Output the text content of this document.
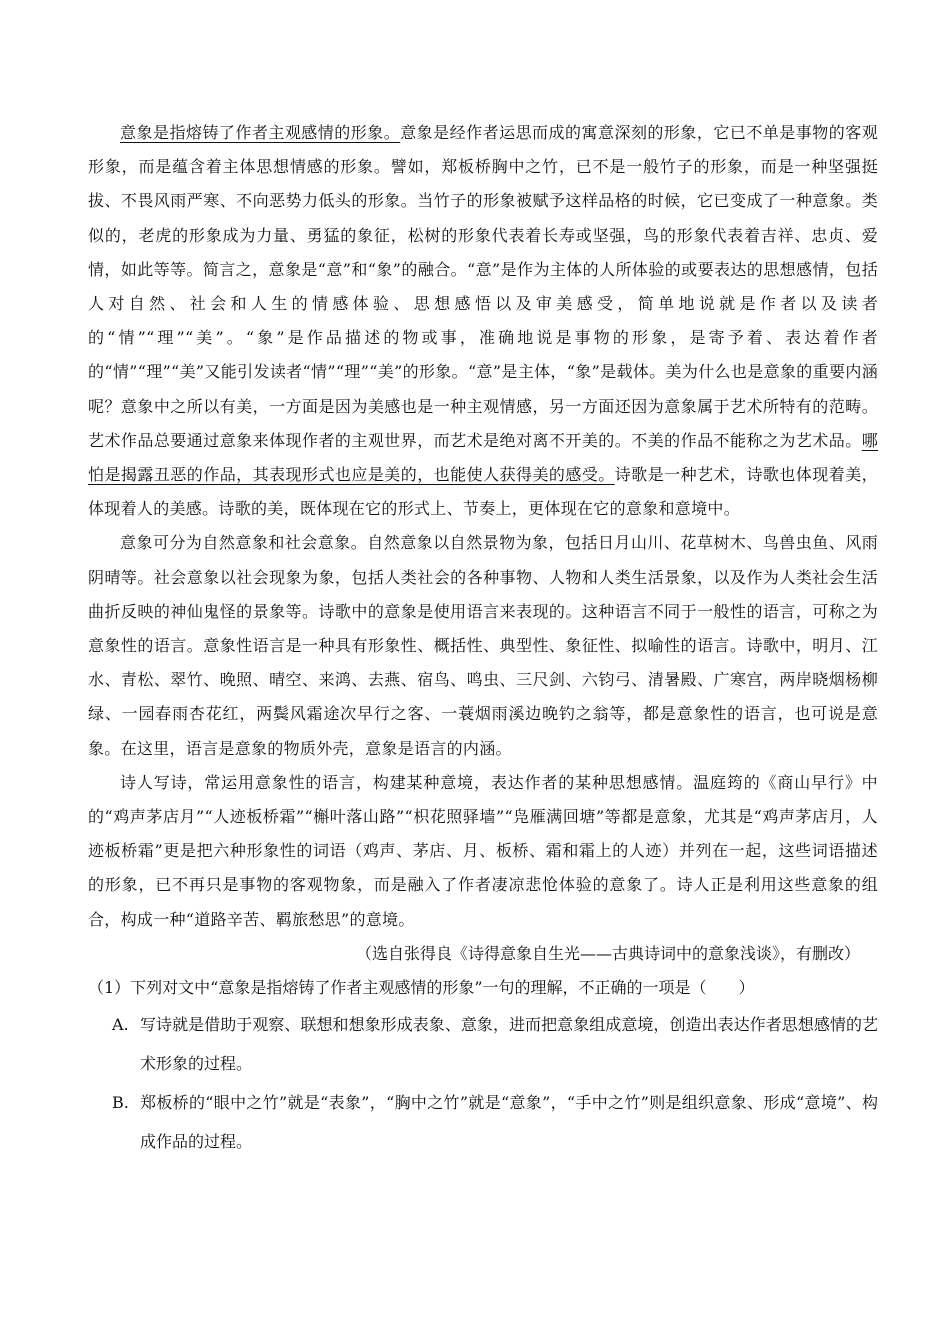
意象是指熔铸了作者主观感情的形象。意象是经作者运思而成的寓意深刻的形象，它已不单是事物的客观形象，而是蕴含着主体思想情感的形象。譬如，郑板桥胸中之竹，已不是一般竹子的形象，而是一种坚强挺拔、不畏风雨严寒、不向恶势力低头的形象。当竹子的形象被赋予这样品格的时候，它已变成了一种意象。类似的，老虎的形象成为力量、勇猛的象征，松树的形象代表着长寿或坚强，鸟的形象代表着吉祥、忠贞、爱情，如此等等。简言之，意象是“意”和“象”的融合。“意”是作为主体的人所体验的或要表达的思想感情，包括人对自然、社会和人生的情感体验、思想感悟以及审美感受，简单地说就是作者以及读者的“情”“理”“美”。“象”是作品描述的物或事，准确地说是事物的形象，是寄予着、表达着作者的“情”“理”“美”又能引发读者“情”“理”“美”的形象。“意”是主体，“象”是载体。美为什么也是意象的重要内涵呢？意象中之所以有美，一方面是因为美感也是一种主观情感，另一方面还因为意象属于艺术所特有的范畴。艺术作品总要通过意象来体现作者的主观世界，而艺术是绝对离不开美的。不美的作品不能称之为艺术品。哪怕是揭露丑恶的作品，其表现形式也应是美的，也能使人获得美的感受。诗歌是一种艺术，诗歌也体现着美，体现着人的美感。诗歌的美，既体现在它的形式上、节奏上，更体现在它的意象和意境中。

意象可分为自然意象和社会意象。自然意象以自然景物为象，包括日月山川、花草树木、鸟兽虫鱼、风雨阴晴等。社会意象以社会现象为象，包括人类社会的各种事物、人物和人类生活景象，以及作为人类社会生活曲折反映的神仙鬼怪的景象等。诗歌中的意象是使用语言来表现的。这种语言不同于一般性的语言，可称之为意象性的语言。意象性语言是一种具有形象性、概括性、典型性、象征性、拟喻性的语言。诗歌中，明月、江水、青松、翠竹、晚照、晴空、来鸿、去燕、宿鸟、鸣虫、三尺剑、六钧弓、清暑殿、广寒宫，两岸晓烟杨柳绿、一园春雨杏花红，两鬓风霜途次早行之客、一蓑烟雨溪边晚钓之翁等，都是意象性的语言，也可说是意象。在这里，语言是意象的物质外壳，意象是语言的内涵。

诗人写诗，常运用意象性的语言，构建某种意境，表达作者的某种思想感情。温庭筠的《商山早行》中的“鸡声茅店月”“人迹板桥霜”“槲叶落山路”“枳花照驿墙”“凫雁满回塘”等都是意象，尤其是“鸡声茅店月，人迹板桥霜”更是把六种形象性的词语（鸡声、茅店、月、板桥、霜和霜上的人迹）并列在一起，这些词语描述的形象，已不再只是事物的客观物象，而是融入了作者凄凉悲怆体验的意象了。诗人正是利用这些意象的组合，构成一种“道路辛苦、羁旅愁思”的意境。

（选自张得良《诗得意象自生光——古典诗词中的意象浅谈》，有删改）

（1）下列对文中“意象是指熔铸了作者主观感情的形象”一句的理解，不正确的一项是（　　）

A. 写诗就是借助于观察、联想和想象形成表象、意象，进而把意象组成意境，创造出表达作者思想感情的艺术形象的过程。
B. 郑板桥的“眼中之竹”就是“表象”，“胸中之竹”就是“意象”，“手中之竹”则是组织意象、形成“意境”、构成作品的过程。
